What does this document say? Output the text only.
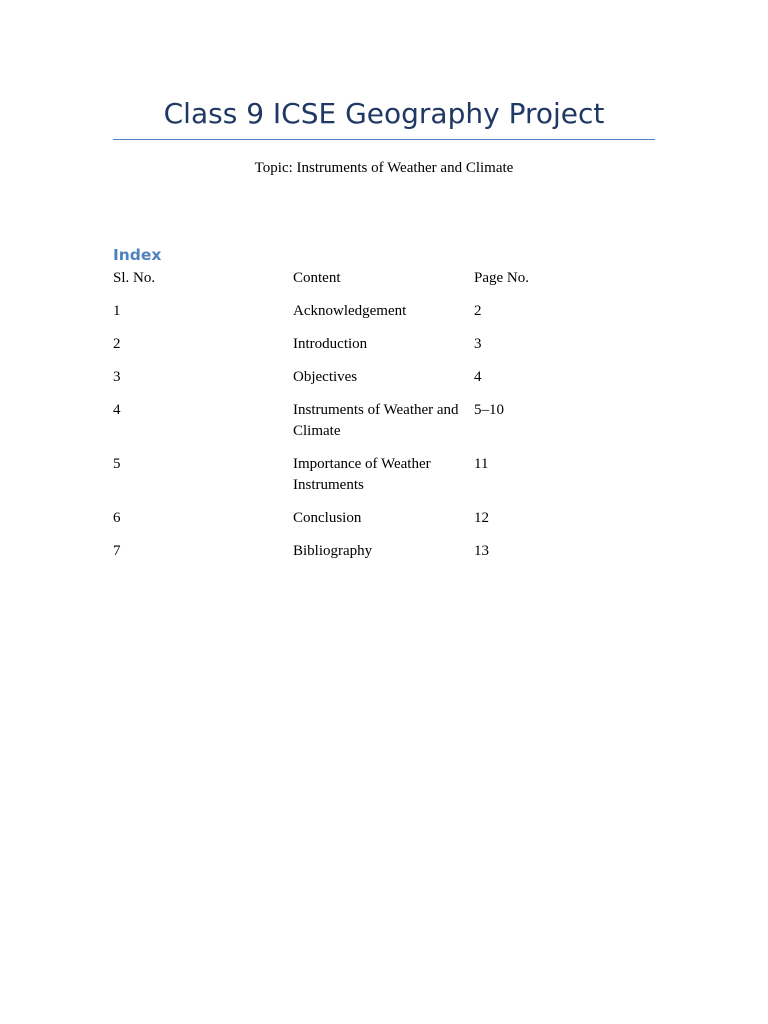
Class 9 ICSE Geography Project
Topic: Instruments of Weather and Climate
Index
Sl. No.	Content	Page No.
1	Acknowledgement	2
2	Introduction	3
3	Objectives	4
4	Instruments of Weather and Climate	5–10
5	Importance of Weather Instruments	11
6	Conclusion	12
7	Bibliography	13
